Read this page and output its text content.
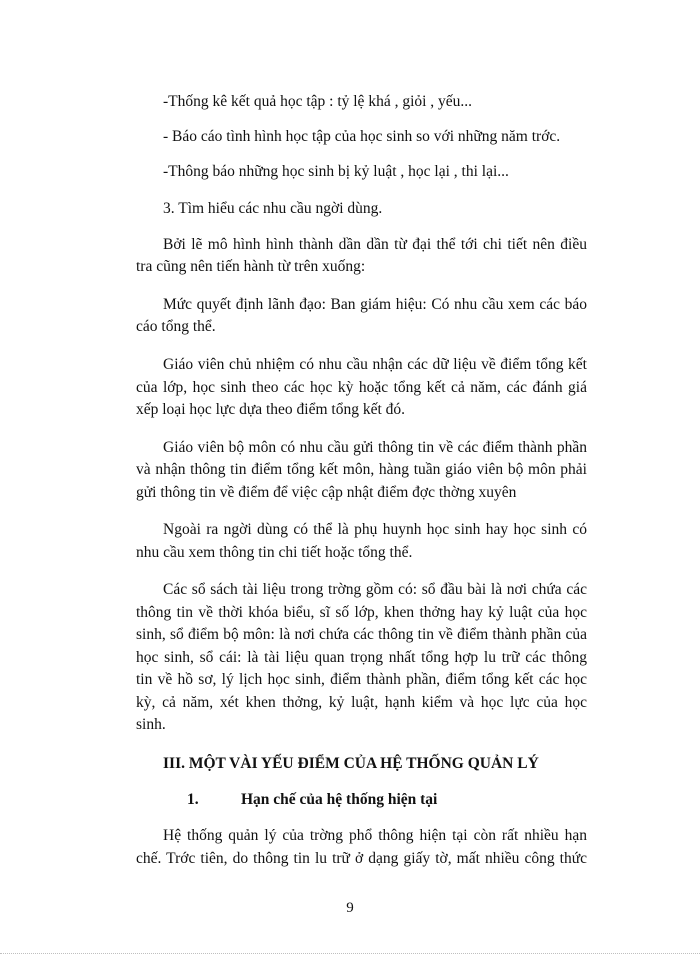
-Thống kê kết quả học tập : tỷ lệ khá , giỏi , yếu...
- Báo cáo tình hình học tập của học sinh so với những năm trớc.
-Thông báo những học sinh bị kỷ luật , học lại , thi lại...
3. Tìm hiểu các nhu cầu ngời dùng.
Bởi lẽ mô hình hình thành dần dần từ đại thể tới chi tiết nên điều
tra cũng nên tiến hành từ trên xuống:
Mức quyết định lãnh đạo: Ban giám hiệu: Có nhu cầu xem các báo
cáo tổng thể.
Giáo viên chủ nhiệm có nhu cầu nhận các dữ liệu về điểm tổng kết
của lớp, học sinh theo các học kỳ hoặc tổng kết cả năm, các đánh giá
xếp loại học lực dựa theo điểm tổng kết đó.
Giáo viên bộ môn có nhu cầu gửi thông tin về các điểm thành phần
và nhận thông tin điểm tổng kết môn, hàng tuần giáo viên bộ môn phải
gửi thông tin về điểm để việc cập nhật điểm đợc thờng xuyên
Ngoài ra ngời dùng có thể là phụ huynh học sinh hay học sinh có
nhu cầu xem thông tin chi tiết hoặc tổng thể.
Các sổ sách tài liệu trong trờng gồm có: sổ đầu bài là nơi chứa các
thông tin về thời khóa biểu, sĩ số lớp, khen thởng hay kỷ luật của học
sinh, sổ điểm bộ môn: là nơi chứa các thông tin về điểm thành phần của
học sinh, sổ cái: là tài liệu quan trọng nhất tổng hợp lu trữ các thông
tin về hồ sơ, lý lịch học sinh, điểm thành phần, điểm tổng kết các học
kỳ, cả năm, xét khen thởng, kỷ luật, hạnh kiểm và học lực của học
sinh.
III. MỘT VÀI YẾU ĐIỂM CỦA HỆ THỐNG QUẢN LÝ
1.	Hạn chế của hệ thống hiện tại
Hệ thống quản lý của trờng phổ thông hiện tại còn rất nhiều hạn
chế. Trớc tiên, do thông tin lu trữ ở dạng giấy tờ, mất nhiều công thức
9
